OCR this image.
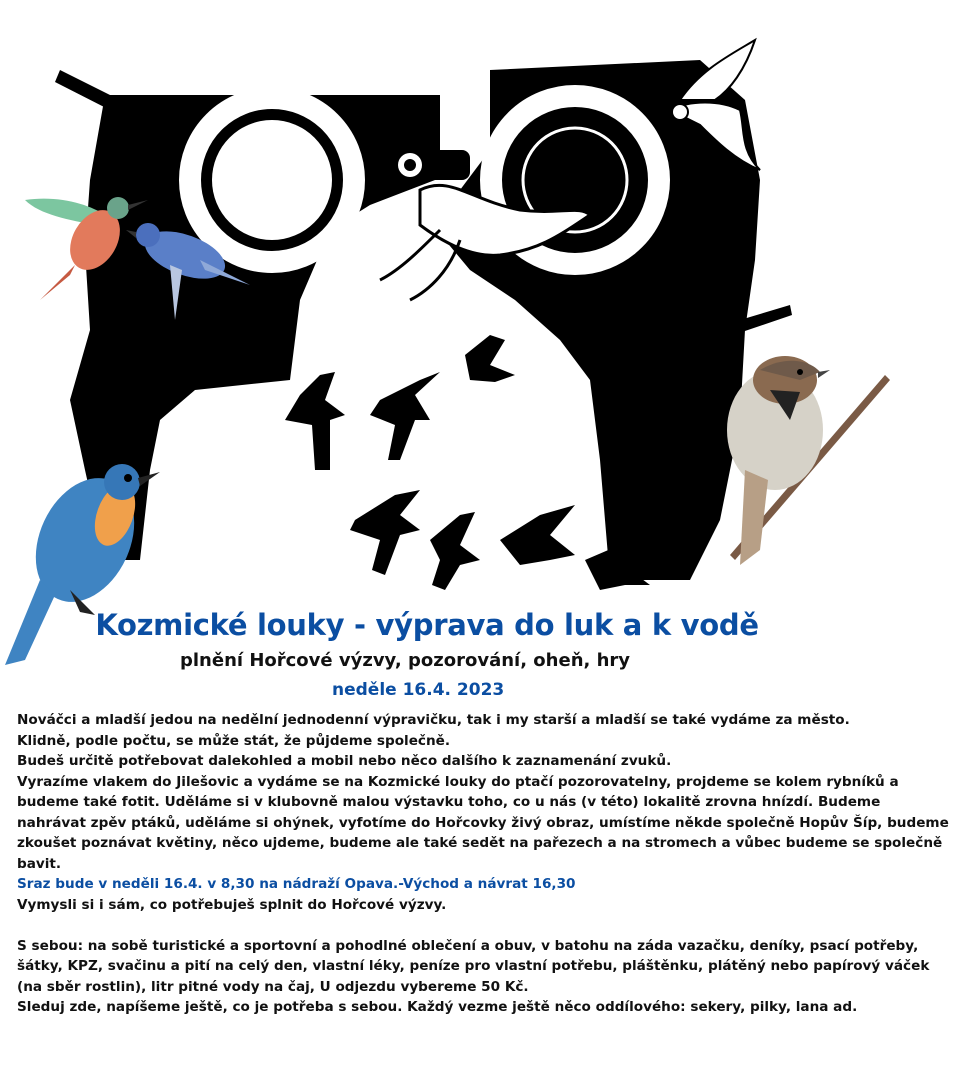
Kozmické louky - výprava do luk a k vodě
plnění Hořcové výzvy, pozorování, oheň, hry
neděle 16.4. 2023

Nováčci a mladší jedou na nedělní jednodenní výpravičku, tak i my starší a mladší se také vydáme za město.

Klidně, podle počtu, se může stát, že půjdeme společně.

Budeš určitě potřebovat dalekohled a mobil nebo něco dalšího k zaznamenání zvuků.

Vyrazíme vlakem do Jilešovic a vydáme se na Kozmické louky do ptačí pozorovatelny, projdeme se kolem rybníků a budeme také fotit. Uděláme si v klubovně malou výstavku toho, co u nás (v této) lokalitě zrovna hnízdí. Budeme nahrávat zpěv ptáků, uděláme si ohýnek, vyfotíme do Hořcovky živý obraz, umístíme někde společně Hopův Šíp, budeme zkoušet poznávat květiny, něco ujdeme, budeme ale také sedět na pařezech a na stromech a vůbec budeme se společně bavit.

Sraz bude v neděli 16.4. v 8,30 na nádraží Opava.-Východ a návrat 16,30

Vymysli si i sám, co potřebuješ splnit do Hořcové výzvy.

S sebou: na sobě turistické a sportovní a pohodlné oblečení a obuv, v batohu na záda vazačku, deníky, psací potřeby, šátky, KPZ, svačinu a pití na celý den, vlastní léky, peníze pro vlastní potřebu, pláštěnku, plátěný nebo papírový váček (na sběr rostlin), litr pitné vody na čaj, U odjezdu vybereme 50 Kč.

Sleduj zde, napíšeme ještě, co je potřeba s sebou. Každý vezme ještě něco oddílového: sekery, pilky, lana ad.
